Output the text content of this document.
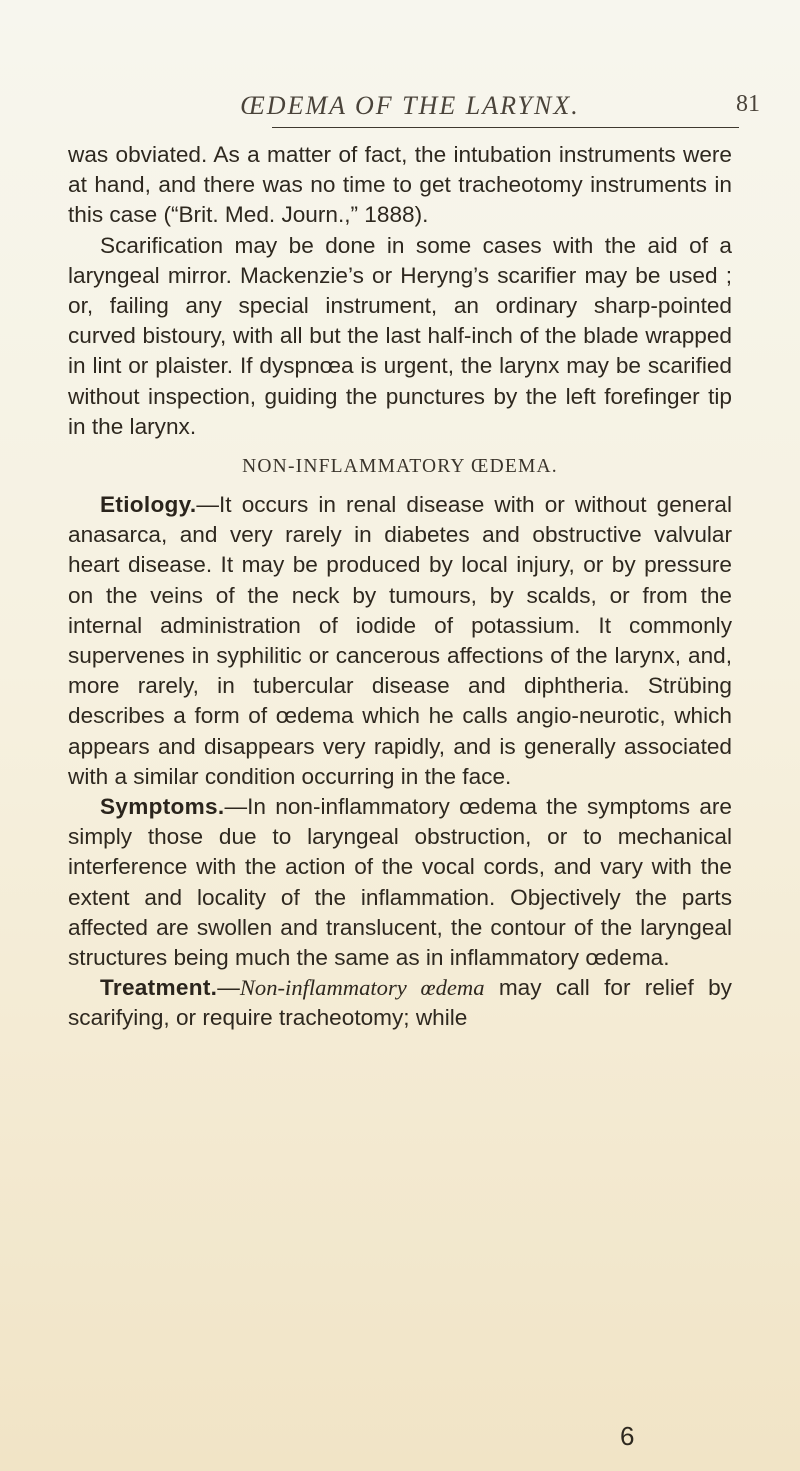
ŒDEMA OF THE LARYNX.	81

was obviated. As a matter of fact, the intubation instruments were at hand, and there was no time to get tracheotomy instruments in this case (“Brit. Med. Journ.,” 1888).

Scarification may be done in some cases with the aid of a laryngeal mirror. Mackenzie’s or Heryng’s scarifier may be used ; or, failing any special instrument, an ordinary sharp-pointed curved bistoury, with all but the last half-inch of the blade wrapped in lint or plaister. If dyspnœa is urgent, the larynx may be scarified without inspection, guiding the punctures by the left forefinger tip in the larynx.

NON-INFLAMMATORY ŒDEMA.

Etiology.—It occurs in renal disease with or without general anasarca, and very rarely in diabetes and obstructive valvular heart disease. It may be produced by local injury, or by pressure on the veins of the neck by tumours, by scalds, or from the internal administration of iodide of potassium. It commonly supervenes in syphilitic or cancerous affections of the larynx, and, more rarely, in tubercular disease and diphtheria. Strübing describes a form of œdema which he calls angio-neurotic, which appears and disappears very rapidly, and is generally associated with a similar condition occurring in the face.

Symptoms.—In non-inflammatory œdema the symptoms are simply those due to laryngeal obstruction, or to mechanical interference with the action of the vocal cords, and vary with the extent and locality of the inflammation. Objectively the parts affected are swollen and translucent, the contour of the laryngeal structures being much the same as in inflammatory œdema.

Treatment.—Non-inflammatory œdema may call for relief by scarifying, or require tracheotomy; while

6
